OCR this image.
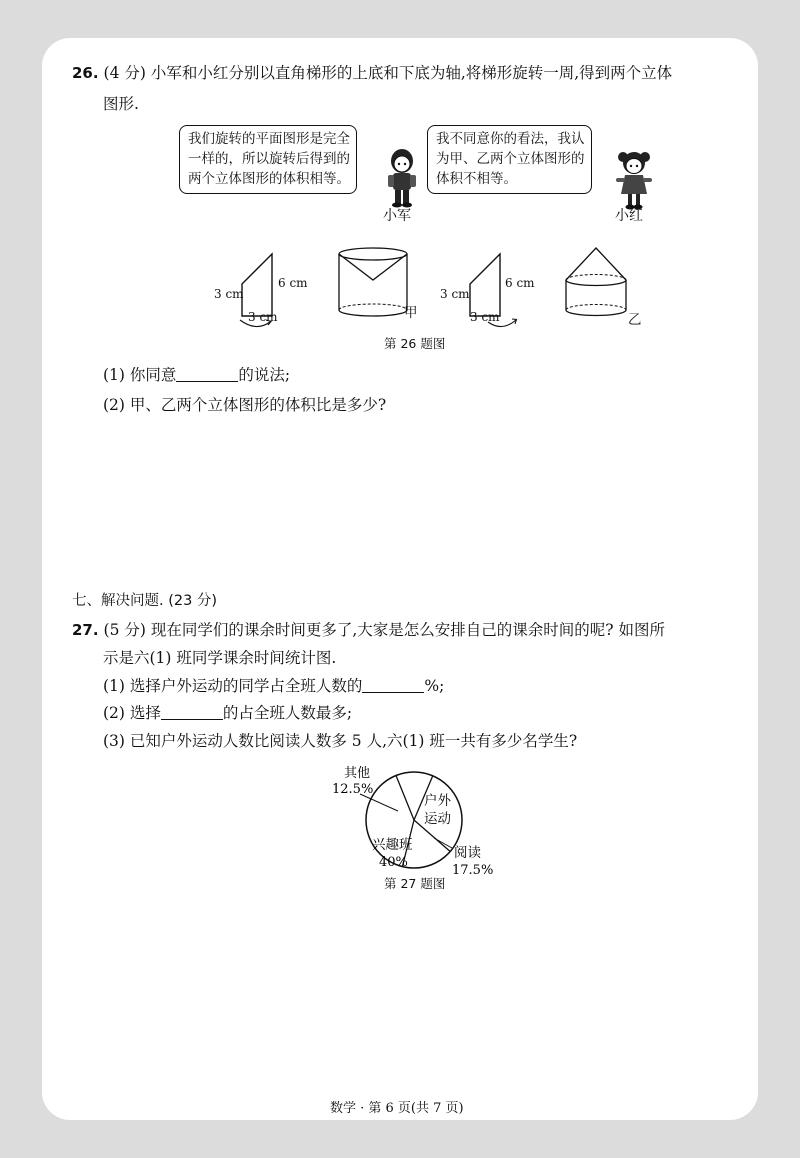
26. (4 分) 小军和小红分别以直角梯形的上底和下底为轴,将梯形旋转一周,得到两个立体
图形.
我们旋转的平面图形是完全
一样的，所以旋转后得到的
两个立体图形的体积相等。
我不同意你的看法，我认
为甲、乙两个立体图形的
体积不相等。
小军	小红
3 cm
6 cm
3 cm	甲
3 cm
6 cm
3 cm	乙
第 26 题图
(1) 你同意	的说法;
(2) 甲、乙两个立体图形的体积比是多少?
七、解决问题. (23 分)
27. (5 分) 现在同学们的课余时间更多了,大家是怎么安排自己的课余时间的呢? 如图所
示是六(1) 班同学课余时间统计图.
(1) 选择户外运动的同学占全班人数的	%;
(2) 选择	的占全班人数最多;
(3) 已知户外运动人数比阅读人数多 5 人,六(1) 班一共有多少名学生?
其他
12.5%
户外
运动
兴趣班
40%
阅读
17.5%
第 27 题图
数学 · 第 6 页(共 7 页)
